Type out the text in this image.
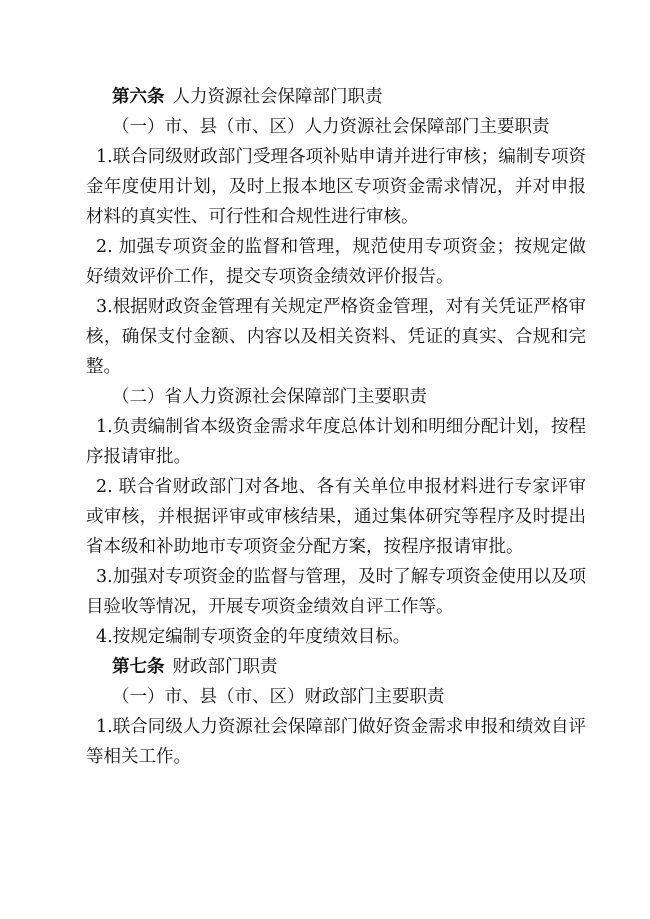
第六条 人力资源社会保障部门职责

（一）市、县（市、区）人力资源社会保障部门主要职责

1.联合同级财政部门受理各项补贴申请并进行审核；编制专项资金年度使用计划，及时上报本地区专项资金需求情况，并对申报材料的真实性、可行性和合规性进行审核。

2. 加强专项资金的监督和管理，规范使用专项资金；按规定做好绩效评价工作，提交专项资金绩效评价报告。

3.根据财政资金管理有关规定严格资金管理，对有关凭证严格审核，确保支付金额、内容以及相关资料、凭证的真实、合规和完整。

（二）省人力资源社会保障部门主要职责

1.负责编制省本级资金需求年度总体计划和明细分配计划，按程序报请审批。

2. 联合省财政部门对各地、各有关单位申报材料进行专家评审或审核，并根据评审或审核结果，通过集体研究等程序及时提出省本级和补助地市专项资金分配方案，按程序报请审批。

3.加强对专项资金的监督与管理，及时了解专项资金使用以及项目验收等情况，开展专项资金绩效自评工作等。

4.按规定编制专项资金的年度绩效目标。

第七条 财政部门职责

（一）市、县（市、区）财政部门主要职责

1.联合同级人力资源社会保障部门做好资金需求申报和绩效自评等相关工作。
